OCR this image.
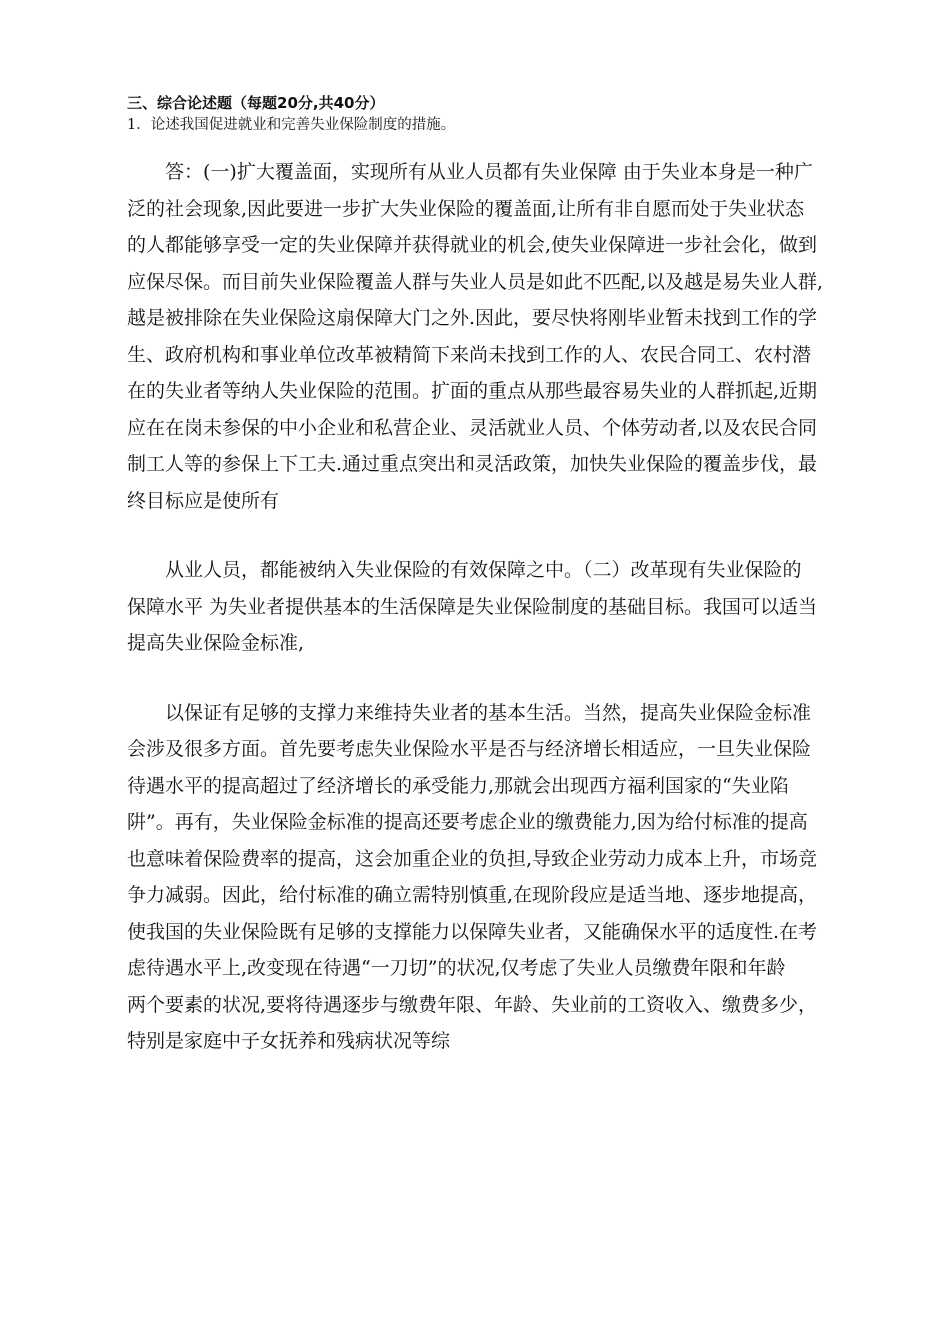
三、综合论述题（每题20分,共40分）

1．论述我国促进就业和完善失业保险制度的措施。

答：(一)扩大覆盖面，实现所有从业人员都有失业保障 由于失业本身是一种广
泛的社会现象,因此要进一步扩大失业保险的覆盖面,让所有非自愿而处于失业状态
的人都能够享受一定的失业保障并获得就业的机会,使失业保障进一步社会化，做到
应保尽保。而目前失业保险覆盖人群与失业人员是如此不匹配,以及越是易失业人群,
越是被排除在失业保险这扇保障大门之外.因此，要尽快将刚毕业暂未找到工作的学
生、政府机构和事业单位改革被精简下来尚未找到工作的人、农民合同工、农村潜
在的失业者等纳人失业保险的范围。扩面的重点从那些最容易失业的人群抓起,近期
应在在岗未参保的中小企业和私营企业、灵活就业人员、个体劳动者,以及农民合同
制工人等的参保上下工夫.通过重点突出和灵活政策，加快失业保险的覆盖步伐，最
终目标应是使所有
从业人员，都能被纳入失业保险的有效保障之中。（二）改革现有失业保险的
保障水平 为失业者提供基本的生活保障是失业保险制度的基础目标。我国可以适当
提高失业保险金标准,
以保证有足够的支撑力来维持失业者的基本生活。当然，提高失业保险金标准
会涉及很多方面。首先要考虑失业保险水平是否与经济增长相适应，一旦失业保险
待遇水平的提高超过了经济增长的承受能力,那就会出现西方福利国家的“失业陷
阱”。再有，失业保险金标准的提高还要考虑企业的缴费能力,因为给付标准的提高
也意味着保险费率的提高，这会加重企业的负担,导致企业劳动力成本上升，市场竞
争力减弱。因此，给付标准的确立需特别慎重,在现阶段应是适当地、逐步地提高，
使我国的失业保险既有足够的支撑能力以保障失业者，又能确保水平的适度性.在考
虑待遇水平上,改变现在待遇“一刀切”的状况,仅考虑了失业人员缴费年限和年龄
两个要素的状况,要将待遇逐步与缴费年限、年龄、失业前的工资收入、缴费多少，
特别是家庭中子女抚养和残病状况等综
